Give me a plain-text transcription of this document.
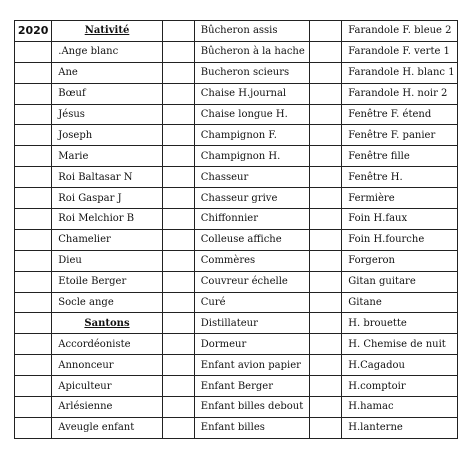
2020	Nativité		Bûcheron assis		Farandole F. bleue 2
	.Ange blanc		Bûcheron à la hache		Farandole F. verte 1
	Ane		Bucheron scieurs		Farandole H. blanc 1
	Bœuf		Chaise H.journal		Farandole H. noir 2
	Jésus		Chaise longue H.		Fenêtre F. étend
	Joseph		Champignon F.		Fenêtre F. panier
	Marie		Champignon H.		Fenêtre fille
	Roi Baltasar N		Chasseur		Fenêtre H.
	Roi Gaspar J		Chasseur grive		Fermière
	Roi Melchior B		Chiffonnier		Foin H.faux
	Chamelier		Colleuse affiche		Foin H.fourche
	Dieu		Commères		Forgeron
	Etoile Berger		Couvreur échelle		Gitan guitare
	Socle ange		Curé		Gitane
	Santons		Distillateur		H. brouette
	Accordéoniste		Dormeur		H. Chemise de nuit
	Annonceur		Enfant avion papier		H.Cagadou
	Apiculteur		Enfant Berger		H.comptoir
	Arlésienne		Enfant billes debout		H.hamac
	Aveugle enfant		Enfant billes		H.lanterne
